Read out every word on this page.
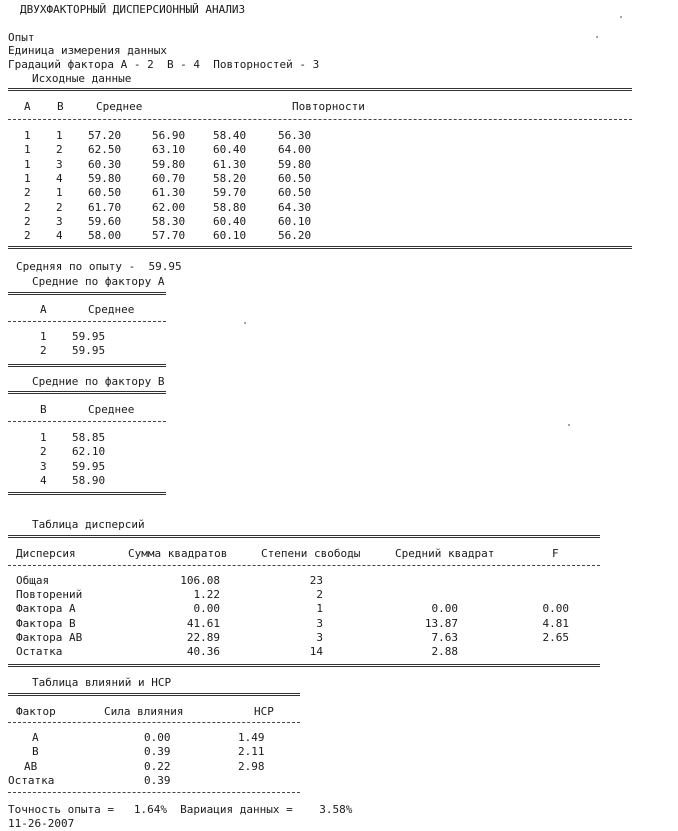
ДВУХФАКТОРНЫЙ ДИСПЕРСИОННЫЙ АНАЛИЗ
Опыт
Единица измерения данных
Градаций фактора А - 2  В - 4  Повторностей - 3
Исходные данные
А В	Среднее	Повторности
1 1 57.20	56.90	58.40	56.30
1 2 62.50	63.10	60.40	64.00
1 3 60.30	59.80	61.30	59.80
1 4 59.80	60.70	58.20	60.50
2 1 60.50	61.30	59.70	60.50
2 2 61.70	62.00	58.80	64.30
2 3 59.60	58.30	60.40	60.10
2 4 58.00	57.70	60.10	56.20
Средняя по опыту -  59.95
Средние по фактору А
А	Среднее
1 59.95
2 59.95
Средние по фактору В
В	Среднее
1 58.85
2 62.10
3 59.95
4 58.90
Таблица дисперсий
Дисперсия	Сумма квадратов	Степени свободы	Средний квадрат	F
Общая	106.08	23
Повторений	1.22	2
Фактора А	0.00	1	0.00	0.00
Фактора В	41.61	3	13.87	4.81
Фактора АВ	22.89	3	7.63	2.65
Остатка	40.36	14	2.88
Таблица влияний и НСР
Фактор	Сила влияния	НСР
А	0.00	1.49
В	0.39	2.11
АВ	0.22	2.98
Остатка	0.39
Точность опыта =   1.64%  Вариация данных =    3.58%
11-26-2007
